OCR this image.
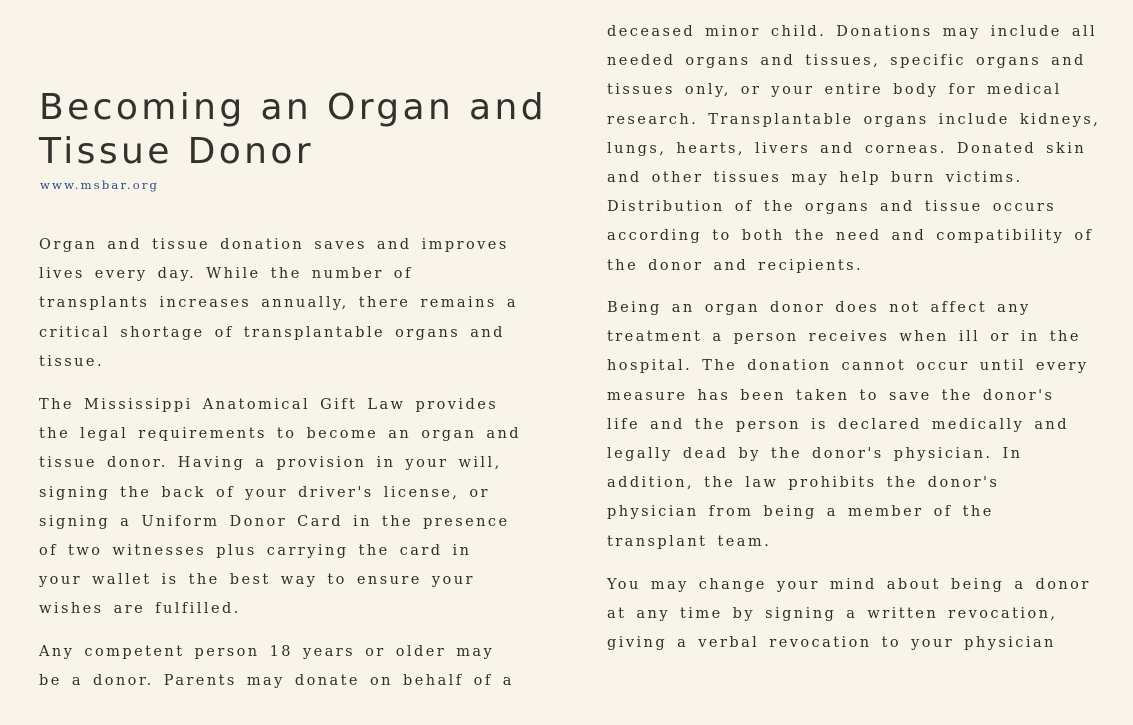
Becoming an Organ and
Tissue Donor
www.msbar.org
Organ and tissue donation saves and improves
lives every day. While the number of
transplants increases annually, there remains a
critical shortage of transplantable organs and
tissue.
The Mississippi Anatomical Gift Law provides
the legal requirements to become an organ and
tissue donor. Having a provision in your will,
signing the back of your driver's license, or
signing a Uniform Donor Card in the presence
of two witnesses plus carrying the card in
your wallet is the best way to ensure your
wishes are fulfilled.
Any competent person 18 years or older may
be a donor. Parents may donate on behalf of a
deceased minor child. Donations may include all
needed organs and tissues, specific organs and
tissues only, or your entire body for medical
research. Transplantable organs include kidneys,
lungs, hearts, livers and corneas. Donated skin
and other tissues may help burn victims.
Distribution of the organs and tissue occurs
according to both the need and compatibility of
the donor and recipients.
Being an organ donor does not affect any
treatment a person receives when ill or in the
hospital. The donation cannot occur until every
measure has been taken to save the donor's
life and the person is declared medically and
legally dead by the donor's physician. In
addition, the law prohibits the donor's
physician from being a member of the
transplant team.
You may change your mind about being a donor
at any time by signing a written revocation,
giving a verbal revocation to your physician
